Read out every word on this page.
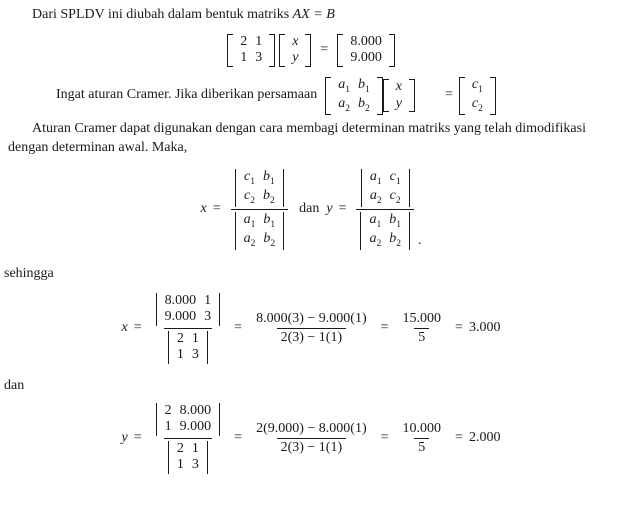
Dari SPLDV ini diubah dalam bentuk matriks AX = B

2	1
1	3
x
y
=
8.000
9.000
Ingat aturan Cramer. Jika diberikan persamaan
$a_1$	$b_1$
$a_2$	$b_2$
x
y
=
$c_1$
$c_2$

Aturan Cramer dapat digunakan dengan cara membagi determinan matriks yang telah dimodifikasi dengan determinan awal. Maka,

x =
$c_1$	$b_1$
$c_2$	$b_2$
$a_1$	$b_1$
$a_2$	$b_2$
dan y =
$a_1$	$c_1$
$a_2$	$c_2$
$a_1$	$b_1$
$a_2$	$b_2$ .

sehingga

x = 8.000	1
9.000	3
2	1
1	$3 = \frac{8.000(3) - 9.000(1)}{2(3) - 1(1)} = \frac{15.000}{5} = 3.000$

dan

y = 2	8.000
1	9.000
2	1
1	$3 = \frac{2(9.000) - 8.000(1)}{2(3) - 1(1)} = \frac{10.000}{5} = 2.000$
